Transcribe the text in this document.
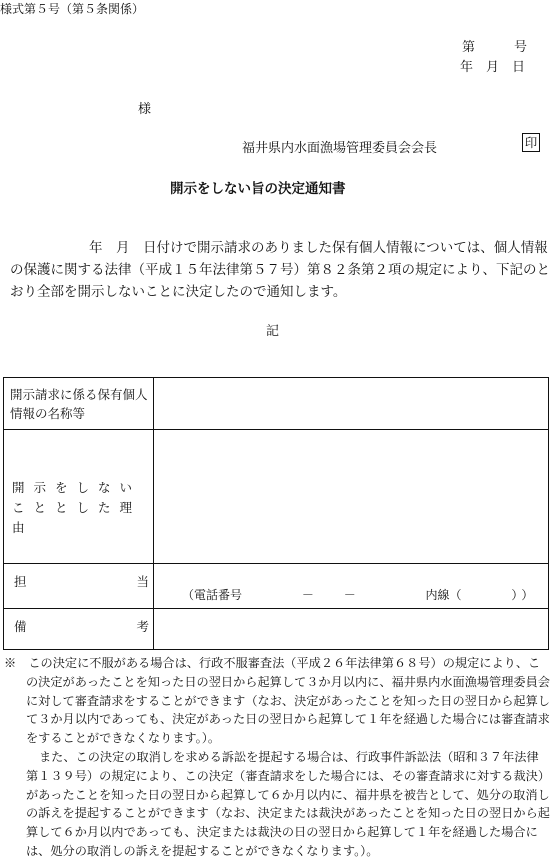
様式第５号（第５条関係）
第　　　号
年　月　日
様
福井県内水面漁場管理委員会会長	印
開示をしない旨の決定通知書

　　年　月　日付けで開示請求のありました保有個人情報については、個人情報の保護に関する法律（平成１５年法律第５７号）第８２条第２項の規定により、下記のとおり全部を開示しないことに決定したので通知します。

記
開示請求に係る保有個人情報の名称等	

開示をしないこととした理由	

担 当	（電話番号 － － 内線（ ））

備 考	

※　この決定に不服がある場合は、行政不服審査法（平成２６年法律第６８号）の規定により、この決定があったことを知った日の翌日から起算して３か月以内に、福井県内水面漁場管理委員会に対して審査請求をすることができます（なお、決定があったことを知った日の翌日から起算して３か月以内であっても、決定があった日の翌日から起算して１年を経過した場合には審査請求をすることができなくなります。）。

また、この決定の取消しを求める訴訟を提起する場合は、行政事件訴訟法（昭和３７年法律第１３９号）の規定により、この決定（審査請求をした場合には、その審査請求に対する裁決）があったことを知った日の翌日から起算して６か月以内に、福井県を被告として、処分の取消しの訴えを提起することができます（なお、決定または裁決があったことを知った日の翌日から起算して６か月以内であっても、決定または裁決の日の翌日から起算して１年を経過した場合には、処分の取消しの訴えを提起することができなくなります。）。
